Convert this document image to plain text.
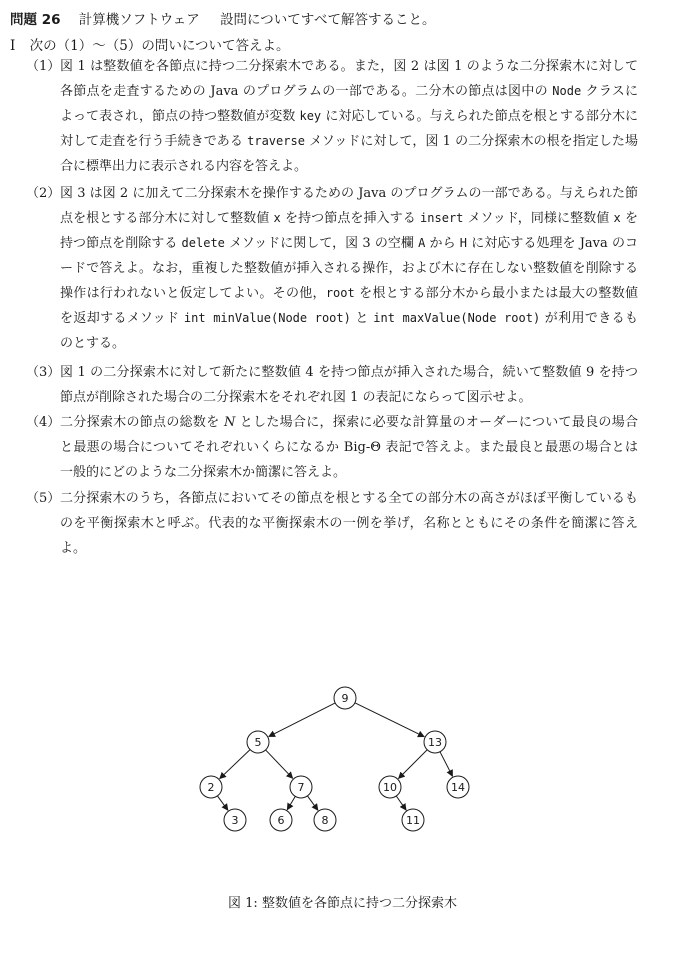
問題 26 計算機ソフトウェア 設問についてすべて解答すること。
I 次の（1）～（5）の問いについて答えよ。
（1） 図 1 は整数値を各節点に持つ二分探索木である。また，図 2 は図 1 のような二分探索木に対して各節点を走査するための Java のプログラムの一部である。二分木の節点は図中の Node クラスによって表され，節点の持つ整数値が変数 key に対応している。与えられた節点を根とする部分木に対して走査を行う手続きである traverse メソッドに対して，図 1 の二分探索木の根を指定した場合に標準出力に表示される内容を答えよ。
（2） 図 3 は図 2 に加えて二分探索木を操作するための Java のプログラムの一部である。与えられた節点を根とする部分木に対して整数値 x を持つ節点を挿入する insert メソッド，同様に整数値 x を持つ節点を削除する delete メソッドに関して，図 3 の空欄 A から H に対応する処理を Java のコードで答えよ。なお，重複した整数値が挿入される操作，および木に存在しない整数値を削除する操作は行われないと仮定してよい。その他，root を根とする部分木から最小または最大の整数値を返却するメソッド int minValue(Node root) と int maxValue(Node root) が利用できるものとする。
（3） 図 1 の二分探索木に対して新たに整数値 4 を持つ節点が挿入された場合，続いて整数値 9 を持つ節点が削除された場合の二分探索木をそれぞれ図 1 の表記にならって図示せよ。
（4） 二分探索木の節点の総数を N とした場合に，探索に必要な計算量のオーダーについて最良の場合と最悪の場合についてそれぞれいくらになるか Big-Θ 表記で答えよ。また最良と最悪の場合とは一般的にどのような二分探索木か簡潔に答えよ。
（5） 二分探索木のうち，各節点においてその節点を根とする全ての部分木の高さがほぼ平衡しているものを平衡探索木と呼ぶ。代表的な平衡探索木の一例を挙げ，名称とともにその条件を簡潔に答えよ。
9
5	13
2	7	10	14
3	6	8	11
図 1: 整数値を各節点に持つ二分探索木
